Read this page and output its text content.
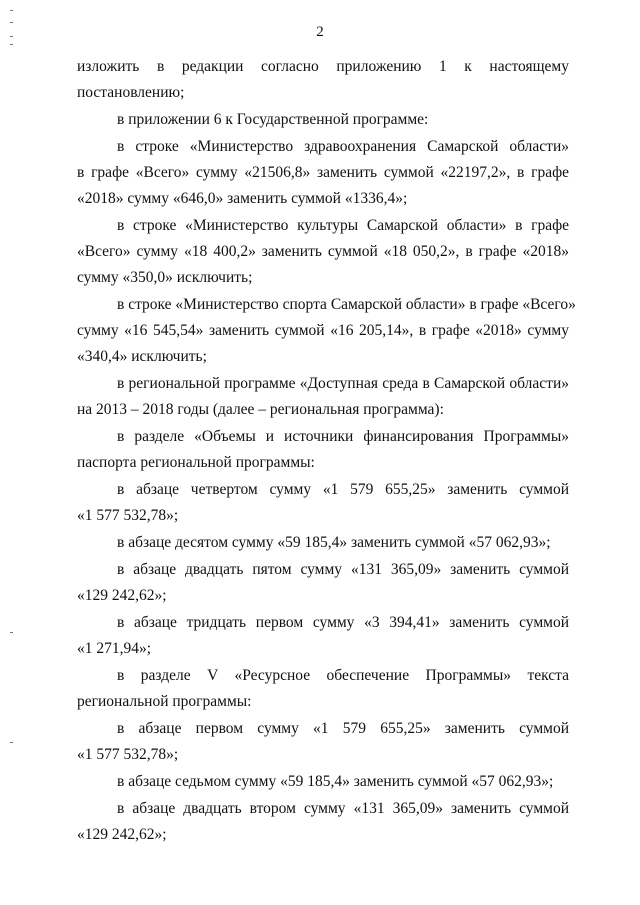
2
изложить в редакции согласно приложению 1 к настоящему
постановлению;
в приложении 6 к Государственной программе:
в строке «Министерство здравоохранения Самарской области»
в графе «Всего» сумму «21506,8» заменить суммой «22197,2», в графе
«2018» сумму «646,0» заменить суммой «1336,4»;
в строке «Министерство культуры Самарской области» в графе
«Всего» сумму «18 400,2» заменить суммой «18 050,2», в графе «2018»
сумму «350,0» исключить;
в строке «Министерство спорта Самарской области» в графе «Всего»
сумму «16 545,54» заменить суммой «16 205,14», в графе «2018» сумму
«340,4» исключить;
в региональной программе «Доступная среда в Самарской области»
на 2013 – 2018 годы (далее – региональная программа):
в разделе «Объемы и источники финансирования Программы»
паспорта региональной программы:
в абзаце четвертом сумму «1 579 655,25» заменить суммой
«1 577 532,78»;
в абзаце десятом сумму «59 185,4» заменить суммой «57 062,93»;
в абзаце двадцать пятом сумму «131 365,09» заменить суммой
«129 242,62»;
в абзаце тридцать первом сумму «3 394,41» заменить суммой
«1 271,94»;
в разделе V «Ресурсное обеспечение Программы» текста
региональной программы:
в абзаце первом сумму «1 579 655,25» заменить суммой
«1 577 532,78»;
в абзаце седьмом сумму «59 185,4» заменить суммой «57 062,93»;
в абзаце двадцать втором сумму «131 365,09» заменить суммой
«129 242,62»;
